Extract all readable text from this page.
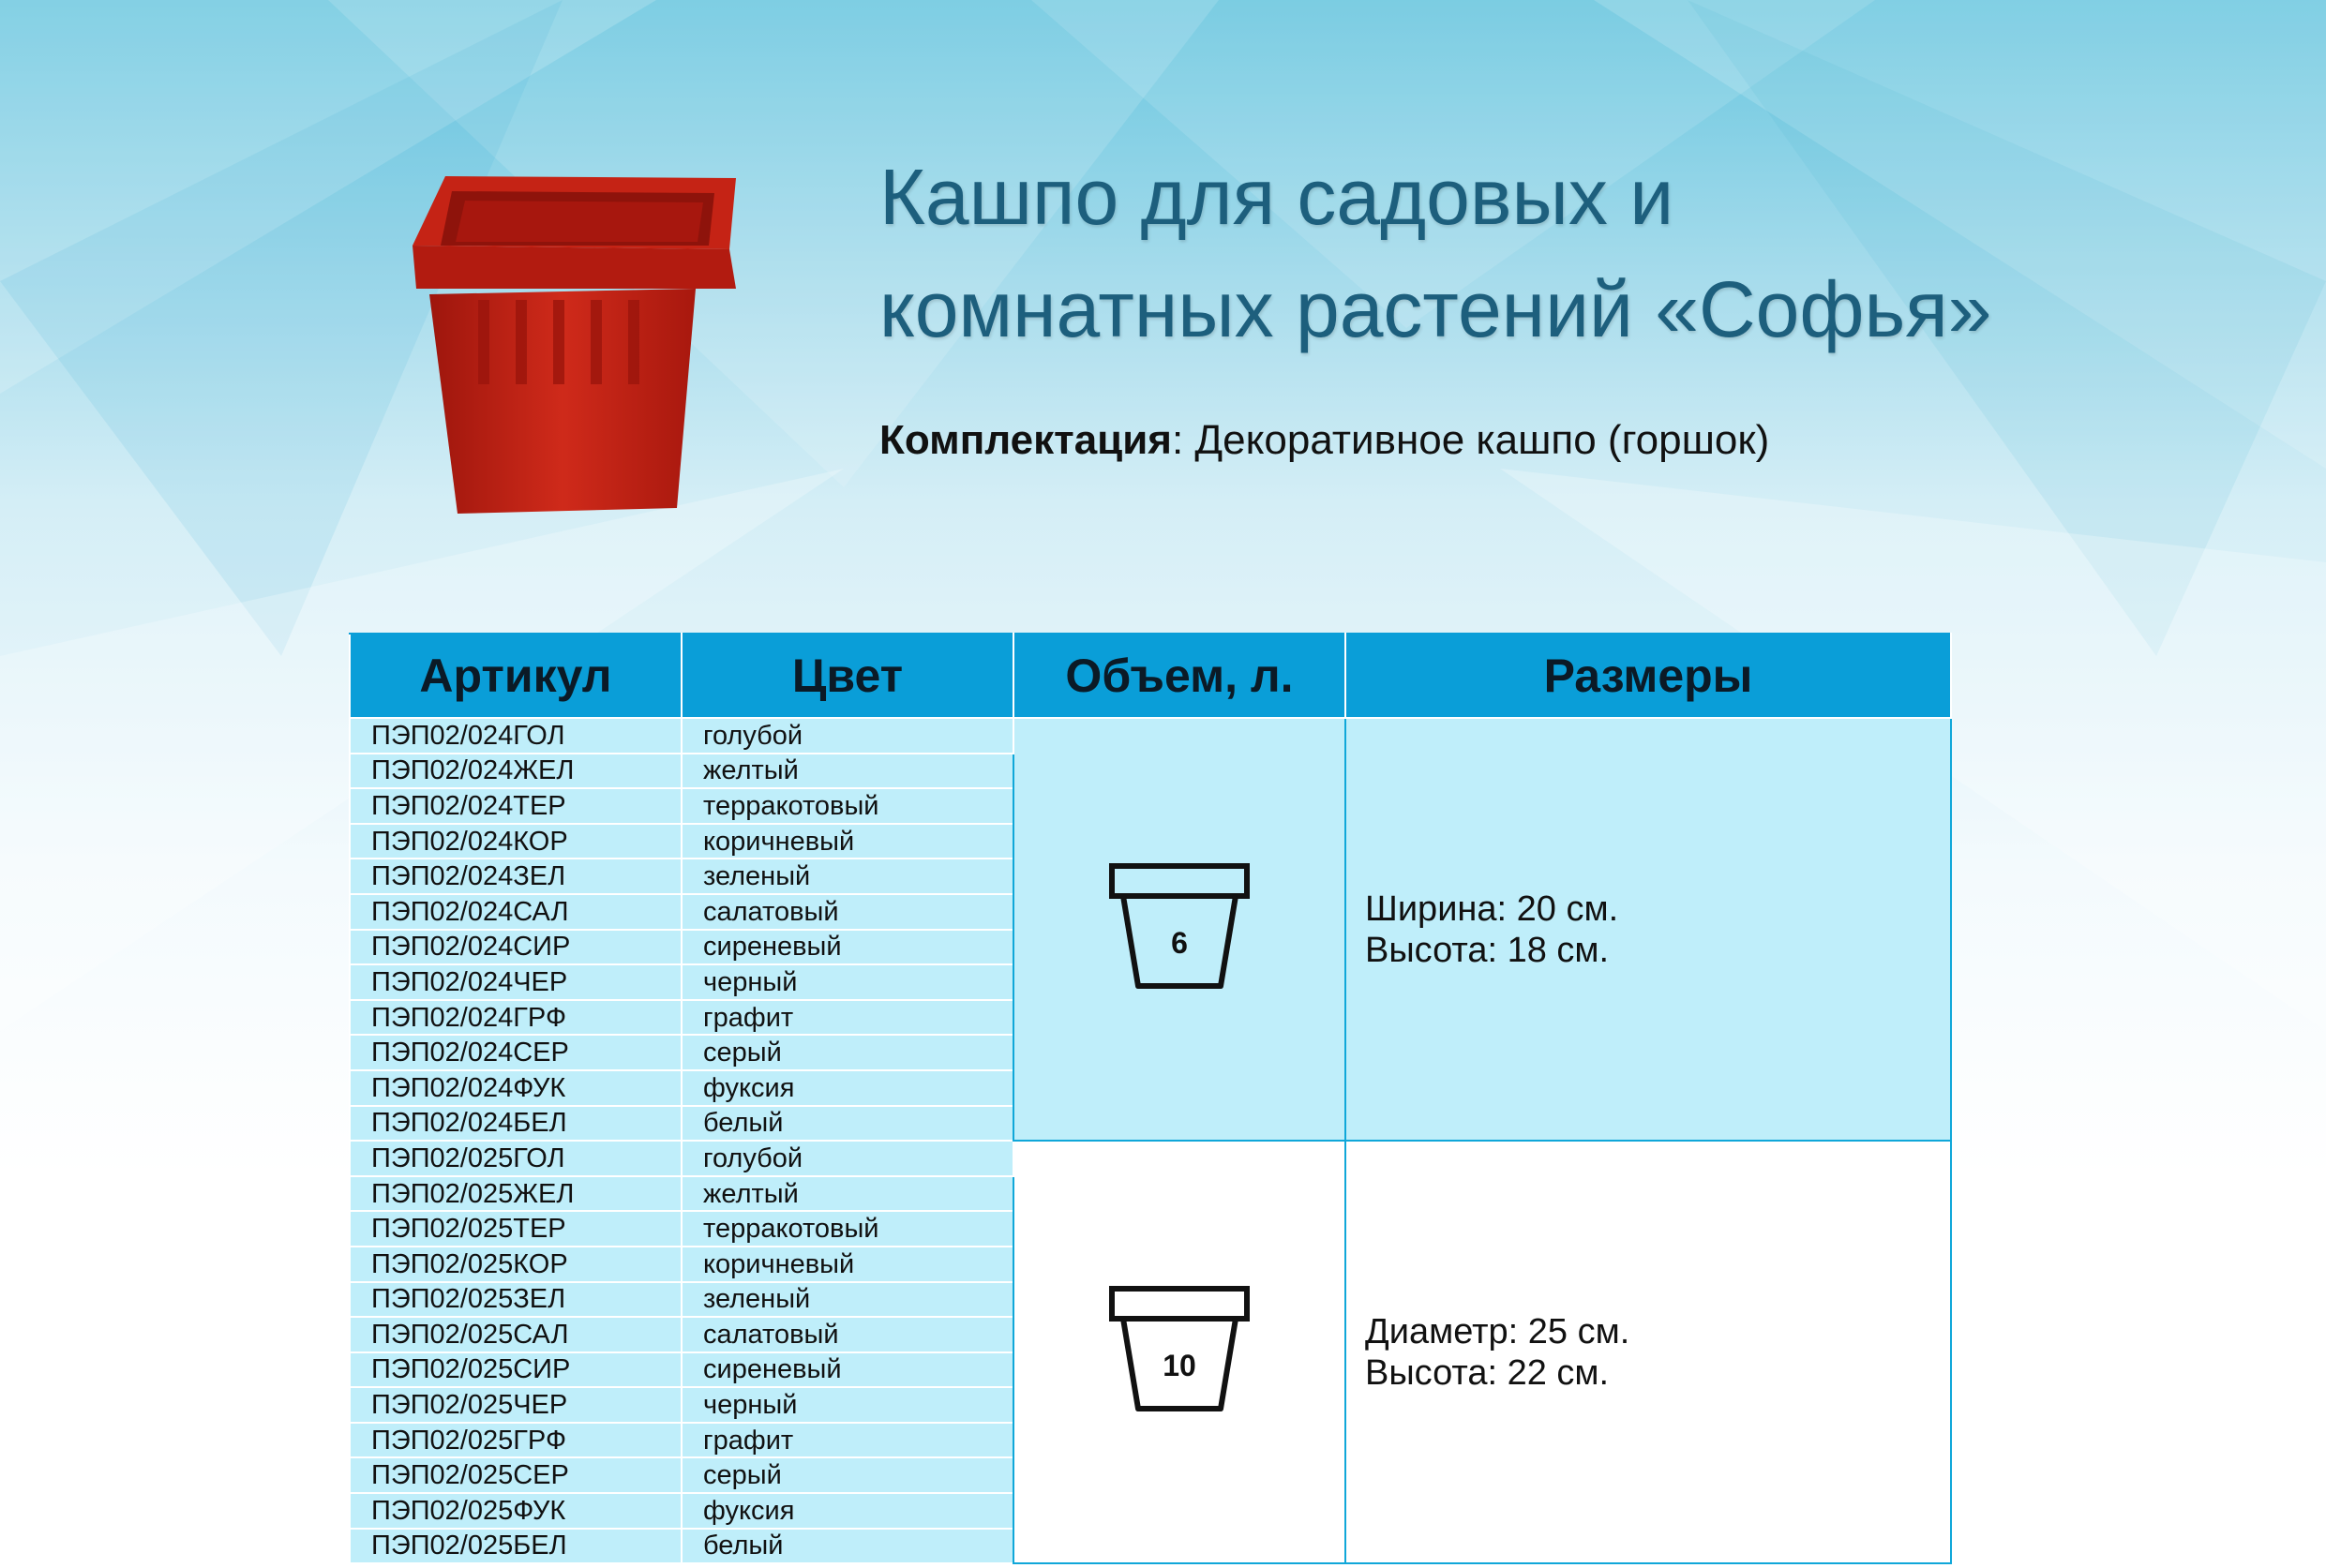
Кашпо для садовых и
комнатных растений «Софья»
Комплектация: Декоративное кашпо (горшок)
Артикул	Цвет	Объем, л.	Размеры
ПЭП02/024ГОЛ	голубой	6	Ширина: 20 см.
Высота: 18 см.

ПЭП02/024ЖЕЛ	желтый		
ПЭП02/024ТЕР	терракотовый		
ПЭП02/024КОР	коричневый		
ПЭП02/024ЗЕЛ	зеленый		
ПЭП02/024САЛ	салатовый		
ПЭП02/024СИР	сиреневый		
ПЭП02/024ЧЕР	черный		
ПЭП02/024ГРФ	графит		
ПЭП02/024СЕР	серый		
ПЭП02/024ФУК	фуксия		
ПЭП02/024БЕЛ	белый		
ПЭП02/025ГОЛ	голубой	10	Диаметр: 25 см.
Высота: 22 см.

ПЭП02/025ЖЕЛ	желтый		
ПЭП02/025ТЕР	терракотовый		
ПЭП02/025КОР	коричневый		
ПЭП02/025ЗЕЛ	зеленый		
ПЭП02/025САЛ	салатовый		
ПЭП02/025СИР	сиреневый		
ПЭП02/025ЧЕР	черный		
ПЭП02/025ГРФ	графит		
ПЭП02/025СЕР	серый		
ПЭП02/025ФУК	фуксия		
ПЭП02/025БЕЛ	белый		
